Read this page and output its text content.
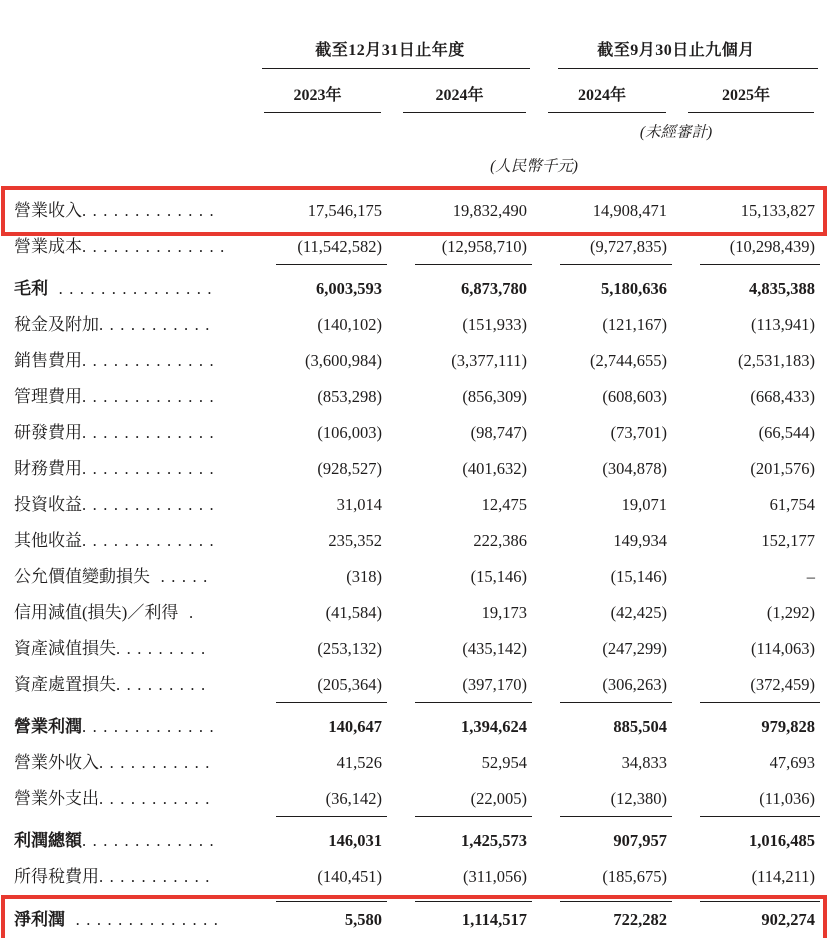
	截至12月31日止年度		截至9月30日止九個月	
	2023年	2024年	2024年	2025年
			(未經審計)	
	(人民幣千元)			

營業收入.............	17,546,175	19,832,490	14,908,471	15,133,827
營業成本..............	(11,542,582)	(12,958,710)	(9,727,835)	(10,298,439)
毛利 ...............	6,003,593	6,873,780	5,180,636	4,835,388
稅金及附加...........	(140,102)	(151,933)	(121,167)	(113,941)
銷售費用.............	(3,600,984)	(3,377,111)	(2,744,655)	(2,531,183)
管理費用.............	(853,298)	(856,309)	(608,603)	(668,433)
研發費用.............	(106,003)	(98,747)	(73,701)	(66,544)
財務費用.............	(928,527)	(401,632)	(304,878)	(201,576)
投資收益.............	31,014	12,475	19,071	61,754
其他收益.............	235,352	222,386	149,934	152,177
公允價值變動損失 .....	(318)	(15,146)	(15,146)	–
信用減值(損失)／利得 .	(41,584)	19,173	(42,425)	(1,292)
資產減值損失.........	(253,132)	(435,142)	(247,299)	(114,063)
資產處置損失.........	(205,364)	(397,170)	(306,263)	(372,459)
營業利潤.............	140,647	1,394,624	885,504	979,828
營業外收入...........	41,526	52,954	34,833	47,693
營業外支出...........	(36,142)	(22,005)	(12,380)	(11,036)
利潤總額.............	146,031	1,425,573	907,957	1,016,485
所得稅費用...........	(140,451)	(311,056)	(185,675)	(114,211)
淨利潤 ..............	5,580	1,114,517	722,282	902,274
